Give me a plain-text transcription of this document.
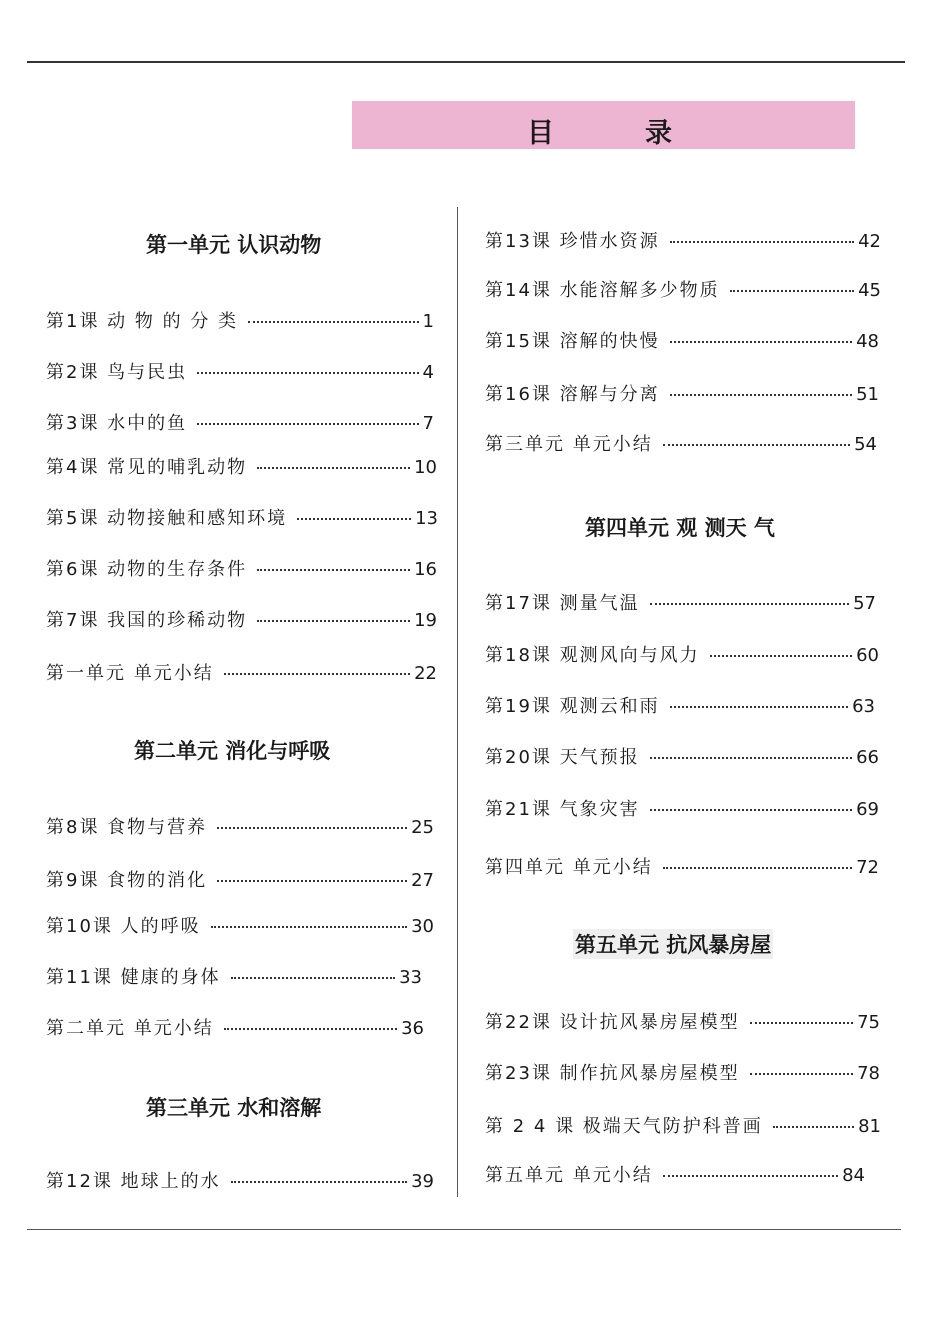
目　录
第一单元 认识动物
第1课 动 物 的 分 类	1
第2课 鸟与民虫	4
第3课 水中的鱼	7
第4课 常见的哺乳动物	10
第5课 动物接触和感知环境	13
第6课 动物的生存条件	16
第7课 我国的珍稀动物	19
第一单元 单元小结	22
第二单元 消化与呼吸
第8课 食物与营养	25
第9课 食物的消化	27
第10课 人的呼吸	30
第11课 健康的身体	33
第二单元 单元小结	36
第三单元 水和溶解
第12课 地球上的水	39
第13课 珍惜水资源	42
第14课 水能溶解多少物质	45
第15课 溶解的快慢	48
第16课 溶解与分离	51
第三单元 单元小结	54
第四单元 观 测天 气
第17课 测量气温	57
第18课 观测风向与风力	60
第19课 观测云和雨	63
第20课 天气预报	66
第21课 气象灾害	69
第四单元 单元小结	72
第五单元 抗风暴房屋
第22课 设计抗风暴房屋模型	75
第23课 制作抗风暴房屋模型	78
第 2 4 课 极端天气防护科普画	81
第五单元 单元小结	84
